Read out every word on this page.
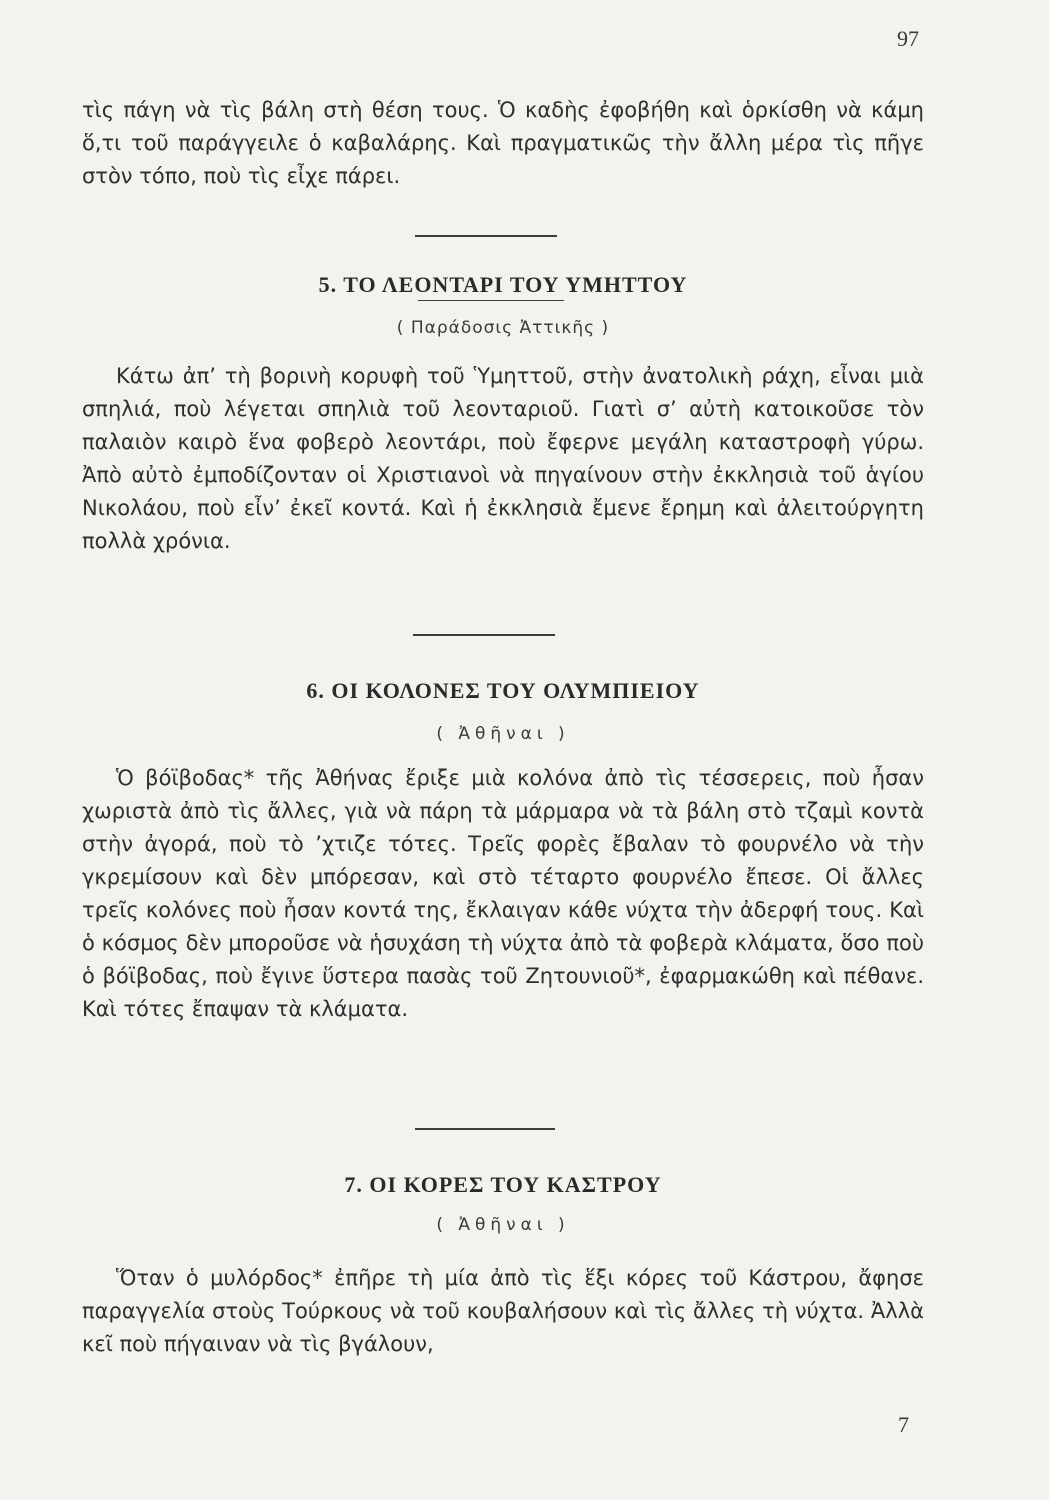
97

τὶς πάγη νὰ τὶς βάλη στὴ θέση τους. Ὁ καδὴς ἐφοβήθη καὶ ὁρκίσθη νὰ κάμη ὅ,τι τοῦ παράγγειλε ὁ καβαλάρης. Καὶ πραγματικῶς τὴν ἄλλη μέρα τὶς πῆγε στὸν τόπο, ποὺ τὶς εἶχε πάρει.

5. ΤΟ ΛΕΟΝΤΑΡΙ ΤΟΥ ΥΜΗΤΤΟΥ
( Παράδοσις Ἀττικῆς )

Κάτω ἀπ’ τὴ βορινὴ κορυφὴ τοῦ Ὑμηττοῦ, στὴν ἀνατολικὴ ράχη, εἶναι μιὰ σπηλιά, ποὺ λέγεται σπηλιὰ τοῦ λεονταριοῦ. Γιατὶ σ’ αὐτὴ κατοικοῦσε τὸν παλαιὸν καιρὸ ἕνα φοβερὸ λεοντάρι, ποὺ ἔφερνε μεγάλη καταστροφὴ γύρω. Ἀπὸ αὐτὸ ἐμποδίζονταν οἱ Χριστιανοὶ νὰ πηγαίνουν στὴν ἐκκλησιὰ τοῦ ἁγίου Νικολάου, ποὺ εἶν’ ἐκεῖ κοντά. Καὶ ἡ ἐκκλησιὰ ἔμενε ἔρημη καὶ ἀλειτούργητη πολλὰ χρόνια.

6. ΟΙ ΚΟΛΟΝΕΣ ΤΟΥ ΟΛΥΜΠΙΕΙΟΥ
( Ἀθῆναι )

Ὁ βόϊβοδας* τῆς Ἀθήνας ἔριξε μιὰ κολόνα ἀπὸ τὶς τέσσερεις, ποὺ ἦσαν χωριστὰ ἀπὸ τὶς ἄλλες, γιὰ νὰ πάρη τὰ μάρμαρα νὰ τὰ βάλη στὸ τζαμὶ κοντὰ στὴν ἀγορά, ποὺ τὸ ’χτιζε τότες. Τρεῖς φορὲς ἔβαλαν τὸ φουρνέλο νὰ τὴν γκρεμίσουν καὶ δὲν μπόρεσαν, καὶ στὸ τέταρτο φουρνέλο ἔπεσε. Οἱ ἄλλες τρεῖς κολόνες ποὺ ἦσαν κοντά της, ἔκλαιγαν κάθε νύχτα τὴν ἀδερφή τους. Καὶ ὁ κόσμος δὲν μποροῦσε νὰ ἡσυχάση τὴ νύχτα ἀπὸ τὰ φοβερὰ κλάματα, ὅσο ποὺ ὁ βόϊβοδας, ποὺ ἔγινε ὕστερα πασὰς τοῦ Ζητουνιοῦ*, ἐφαρμακώθη καὶ πέθανε. Καὶ τότες ἔπαψαν τὰ κλάματα.

7. ΟΙ ΚΟΡΕΣ ΤΟΥ ΚΑΣΤΡΟΥ
( Ἀθῆναι )

Ὅταν ὁ μυλόρδος* ἐπῆρε τὴ μία ἀπὸ τὶς ἕξι κόρες τοῦ Κάστρου, ἄφησε παραγγελία στοὺς Τούρκους νὰ τοῦ κουβαλήσουν καὶ τὶς ἄλλες τὴ νύχτα. Ἀλλὰ κεῖ ποὺ πήγαιναν νὰ τὶς βγάλουν,

7
